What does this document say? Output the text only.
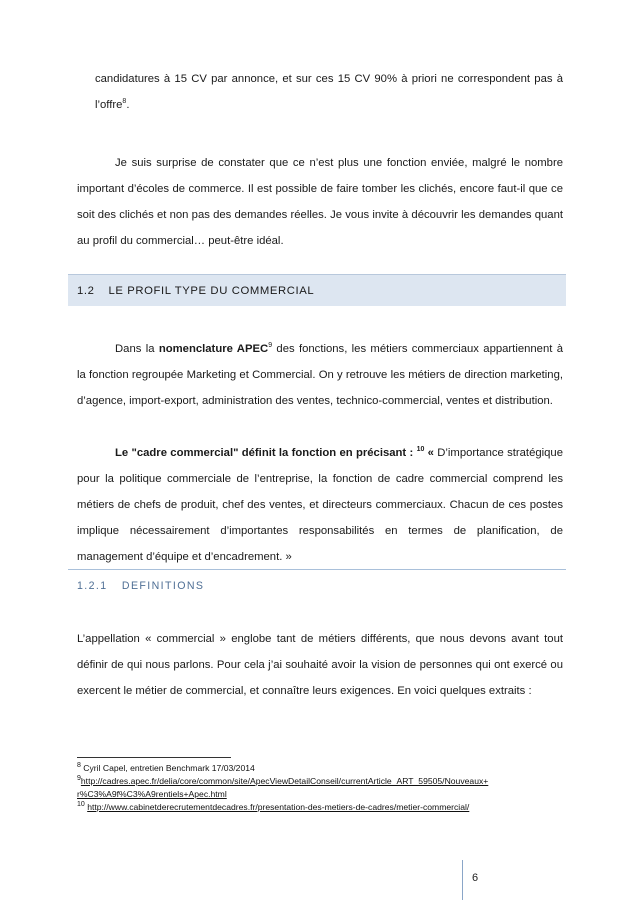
candidatures à 15 CV par annonce, et sur ces 15 CV 90% à priori ne correspondent pas à l’offre$^8$.
Je suis surprise de constater que ce n’est plus une fonction enviée, malgré le nombre important d’écoles de commerce. Il est possible de faire tomber les clichés, encore faut-il que ce soit des clichés et non pas des demandes réelles. Je vous invite à découvrir les demandes quant au profil du commercial… peut-être idéal.
1.2 LE PROFIL TYPE DU COMMERCIAL
Dans la nomenclature APEC$^9$ des fonctions, les métiers commerciaux appartiennent à la fonction regroupée Marketing et Commercial. On y retrouve les métiers de direction marketing, d’agence, import-export, administration des ventes, technico-commercial, ventes et distribution.
Le "cadre commercial" définit la fonction en précisant : $^{10}$ « D’importance stratégique pour la politique commerciale de l’entreprise, la fonction de cadre commercial comprend les métiers de chefs de produit, chef des ventes, et directeurs commerciaux. Chacun de ces postes implique nécessairement d’importantes responsabilités en termes de planification, de management d’équipe et d’encadrement. »
1.2.1 DEFINITIONS
L’appellation « commercial » englobe tant de métiers différents, que nous devons avant tout définir de qui nous parlons. Pour cela j’ai souhaité avoir la vision de personnes qui ont exercé ou exercent le métier de commercial, et connaître leurs exigences. En voici quelques extraits :
$^8$ Cyril Capel, entretien Benchmark 17/03/2014
$^9$http://cadres.apec.fr/delia/core/common/site/ApecViewDetailConseil/currentArticle_ART_59505/Nouveaux+
r%C3%A9f%C3%A9rentiels+Apec.html
$^{10}$ http://www.cabinetderecrutementdecadres.fr/presentation-des-metiers-de-cadres/metier-commercial/
6
